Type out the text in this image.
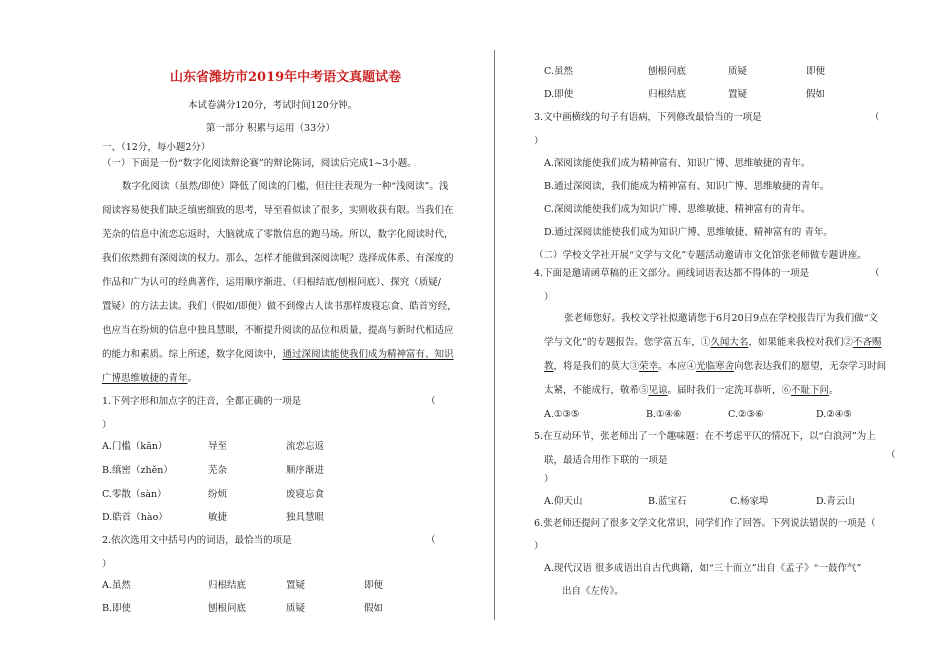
山东省潍坊市2019年中考语文真题试卷
本试卷满分120分，考试时间120分钟。
第一部分 积累与运用（33分）
一、（12分，每小题2分）
（一）下面是一份“数字化阅读辩论赛”的辩论陈词，阅读后完成1~3小题。
数字化阅读（虽然/即使）降低了阅读的门槛，但往往表现为一种“浅阅读”。浅
阅读容易使我们缺乏缜密细致的思考，导至看似读了很多，实则收获有限。当我们在
芜杂的信息中流恋忘返时，大脑就成了零散信息的跑马场。所以，数字化阅读时代，
我们依然拥有深阅读的权力。那么，怎样才能做到深阅读呢？选择成体系、有深度的
作品和广为认可的经典著作，运用顺序渐进、（归根结底/刨根问底）、探究（质疑/
置疑）的方法去读。我们（假如/即便）做不到像古人读书那样废寝忘食、皓首穷经，
也应当在纷烦的信息中独具慧眼，不断提升阅读的品位和质量，提高与新时代相适应
的能力和素质。综上所述，数字化阅读中，通过深阅读能使我们成为精神富有、知识
广博思维敏捷的青年。
1.下列字形和加点字的注音，全都正确的一项是	（
）
A.门槛（kǎn）	导至	流恋忘返
B.缜密（zhěn）	芜杂	顺序渐进
C.零散（sàn）	纷烦	废寝忘食
D.皓首（hào）	敏捷	独具慧眼
2.依次选用文中括号内的词语，最恰当的项是	（
）
A.虽然	归根结底	置疑	即便
B.即使	刨根问底	质疑	假如
C.虽然	刨根问底	质疑	即便
D.即使	归根结底	置疑	假如
3.文中画横线的句子有语病，下列修改最恰当的一项是	（
）
A.深阅读能使我们成为精神富有、知识广博、思维敏捷的青年。
B.通过深阅读，我们能成为精神富有、知识广博、思维敏捷的青年。
C.深阅读能使我们成为知识广博、思维敏捷、精神富有的青年。
D.通过深阅读能使我们成为知识广博、思维敏捷、精神富有的 青年。
（二）学校文学社开展“文学与文化”专题活动邀请市文化馆张老师做专题讲座。
4.下面是邀请函草稿的正文部分。画线词语表达都不得体的一项是	（
）
张老师您好。我校文学社拟邀请您于6月20日9点在学校报告厅为我们做“文
学与文化”的专题报告。您学富五车，①久闻大名，如果能来我校对我们②不吝赐
教，将是我们的莫大③荣幸。本应④光临寒舍向您表达我们的愿望，无奈学习时间
太紧，不能成行，敬希⑤见谅。届时我们一定洗耳恭听，⑥不耻下问。
A.①③⑤	B.①④⑥	C.②③⑥	D.②④⑤
5.在互动环节，张老师出了一个趣味题：在不考虑平仄的情况下，以“白浪河”为上
联，最适合用作下联的一项是	（
）
A.仰天山	B.蓝宝石	C.杨家埠	D.青云山
6.张老师还提问了很多文学文化常识，同学们作了回答。下列说法错误的一项是（
）
A.现代汉语 很多成语出自古代典籍，如“三十而立”出自《孟子》“一鼓作气”
出自《左传》。
